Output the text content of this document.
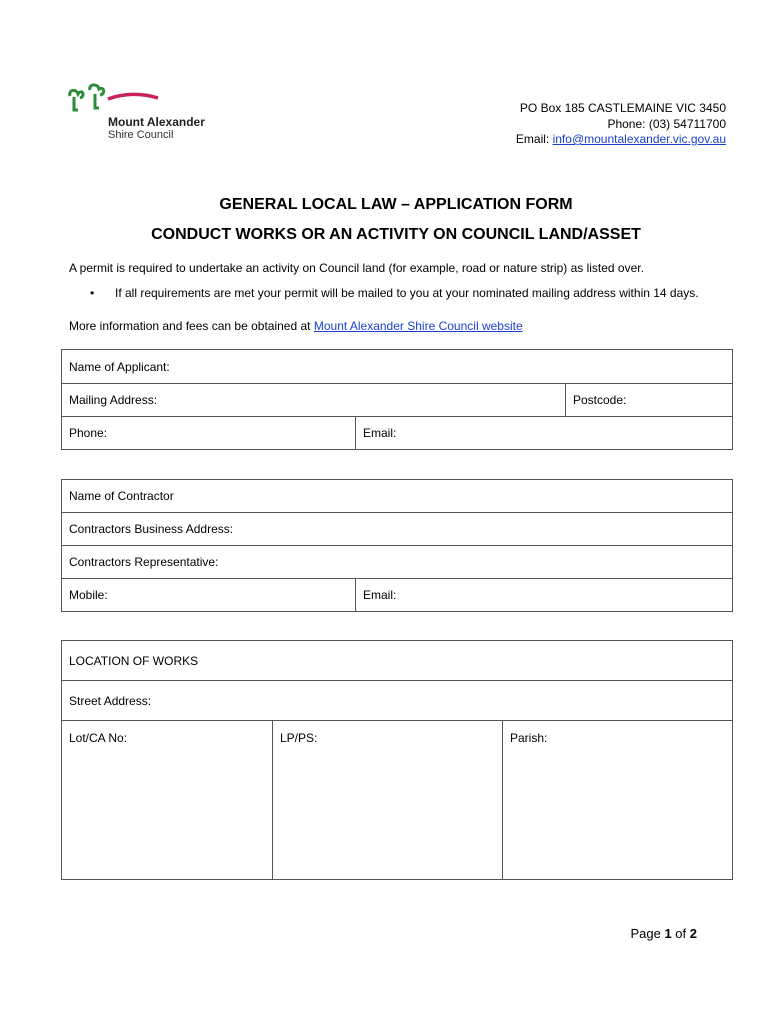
Mount Alexander
Shire Council
PO Box 185 CASTLEMAINE VIC 3450
Phone: (03) 54711700
Email: info@mountalexander.vic.gov.au
GENERAL LOCAL LAW – APPLICATION FORM
CONDUCT WORKS OR AN ACTIVITY ON COUNCIL LAND/ASSET
A permit is required to undertake an activity on Council land (for example, road or nature strip) as listed over.
•	If all requirements are met your permit will be mailed to you at your nominated mailing address within 14 days.
More information and fees can be obtained at Mount Alexander Shire Council website
Name of Applicant:		
Mailing Address:		Postcode:
Phone:	Email:	
Name of Contractor
Contractors Business Address:
Contractors Representative:
Mobile:	Email:
LOCATION OF WORKS
Street Address:
Lot/CA No:	LP/PS:	Parish:
Page 1 of 2
